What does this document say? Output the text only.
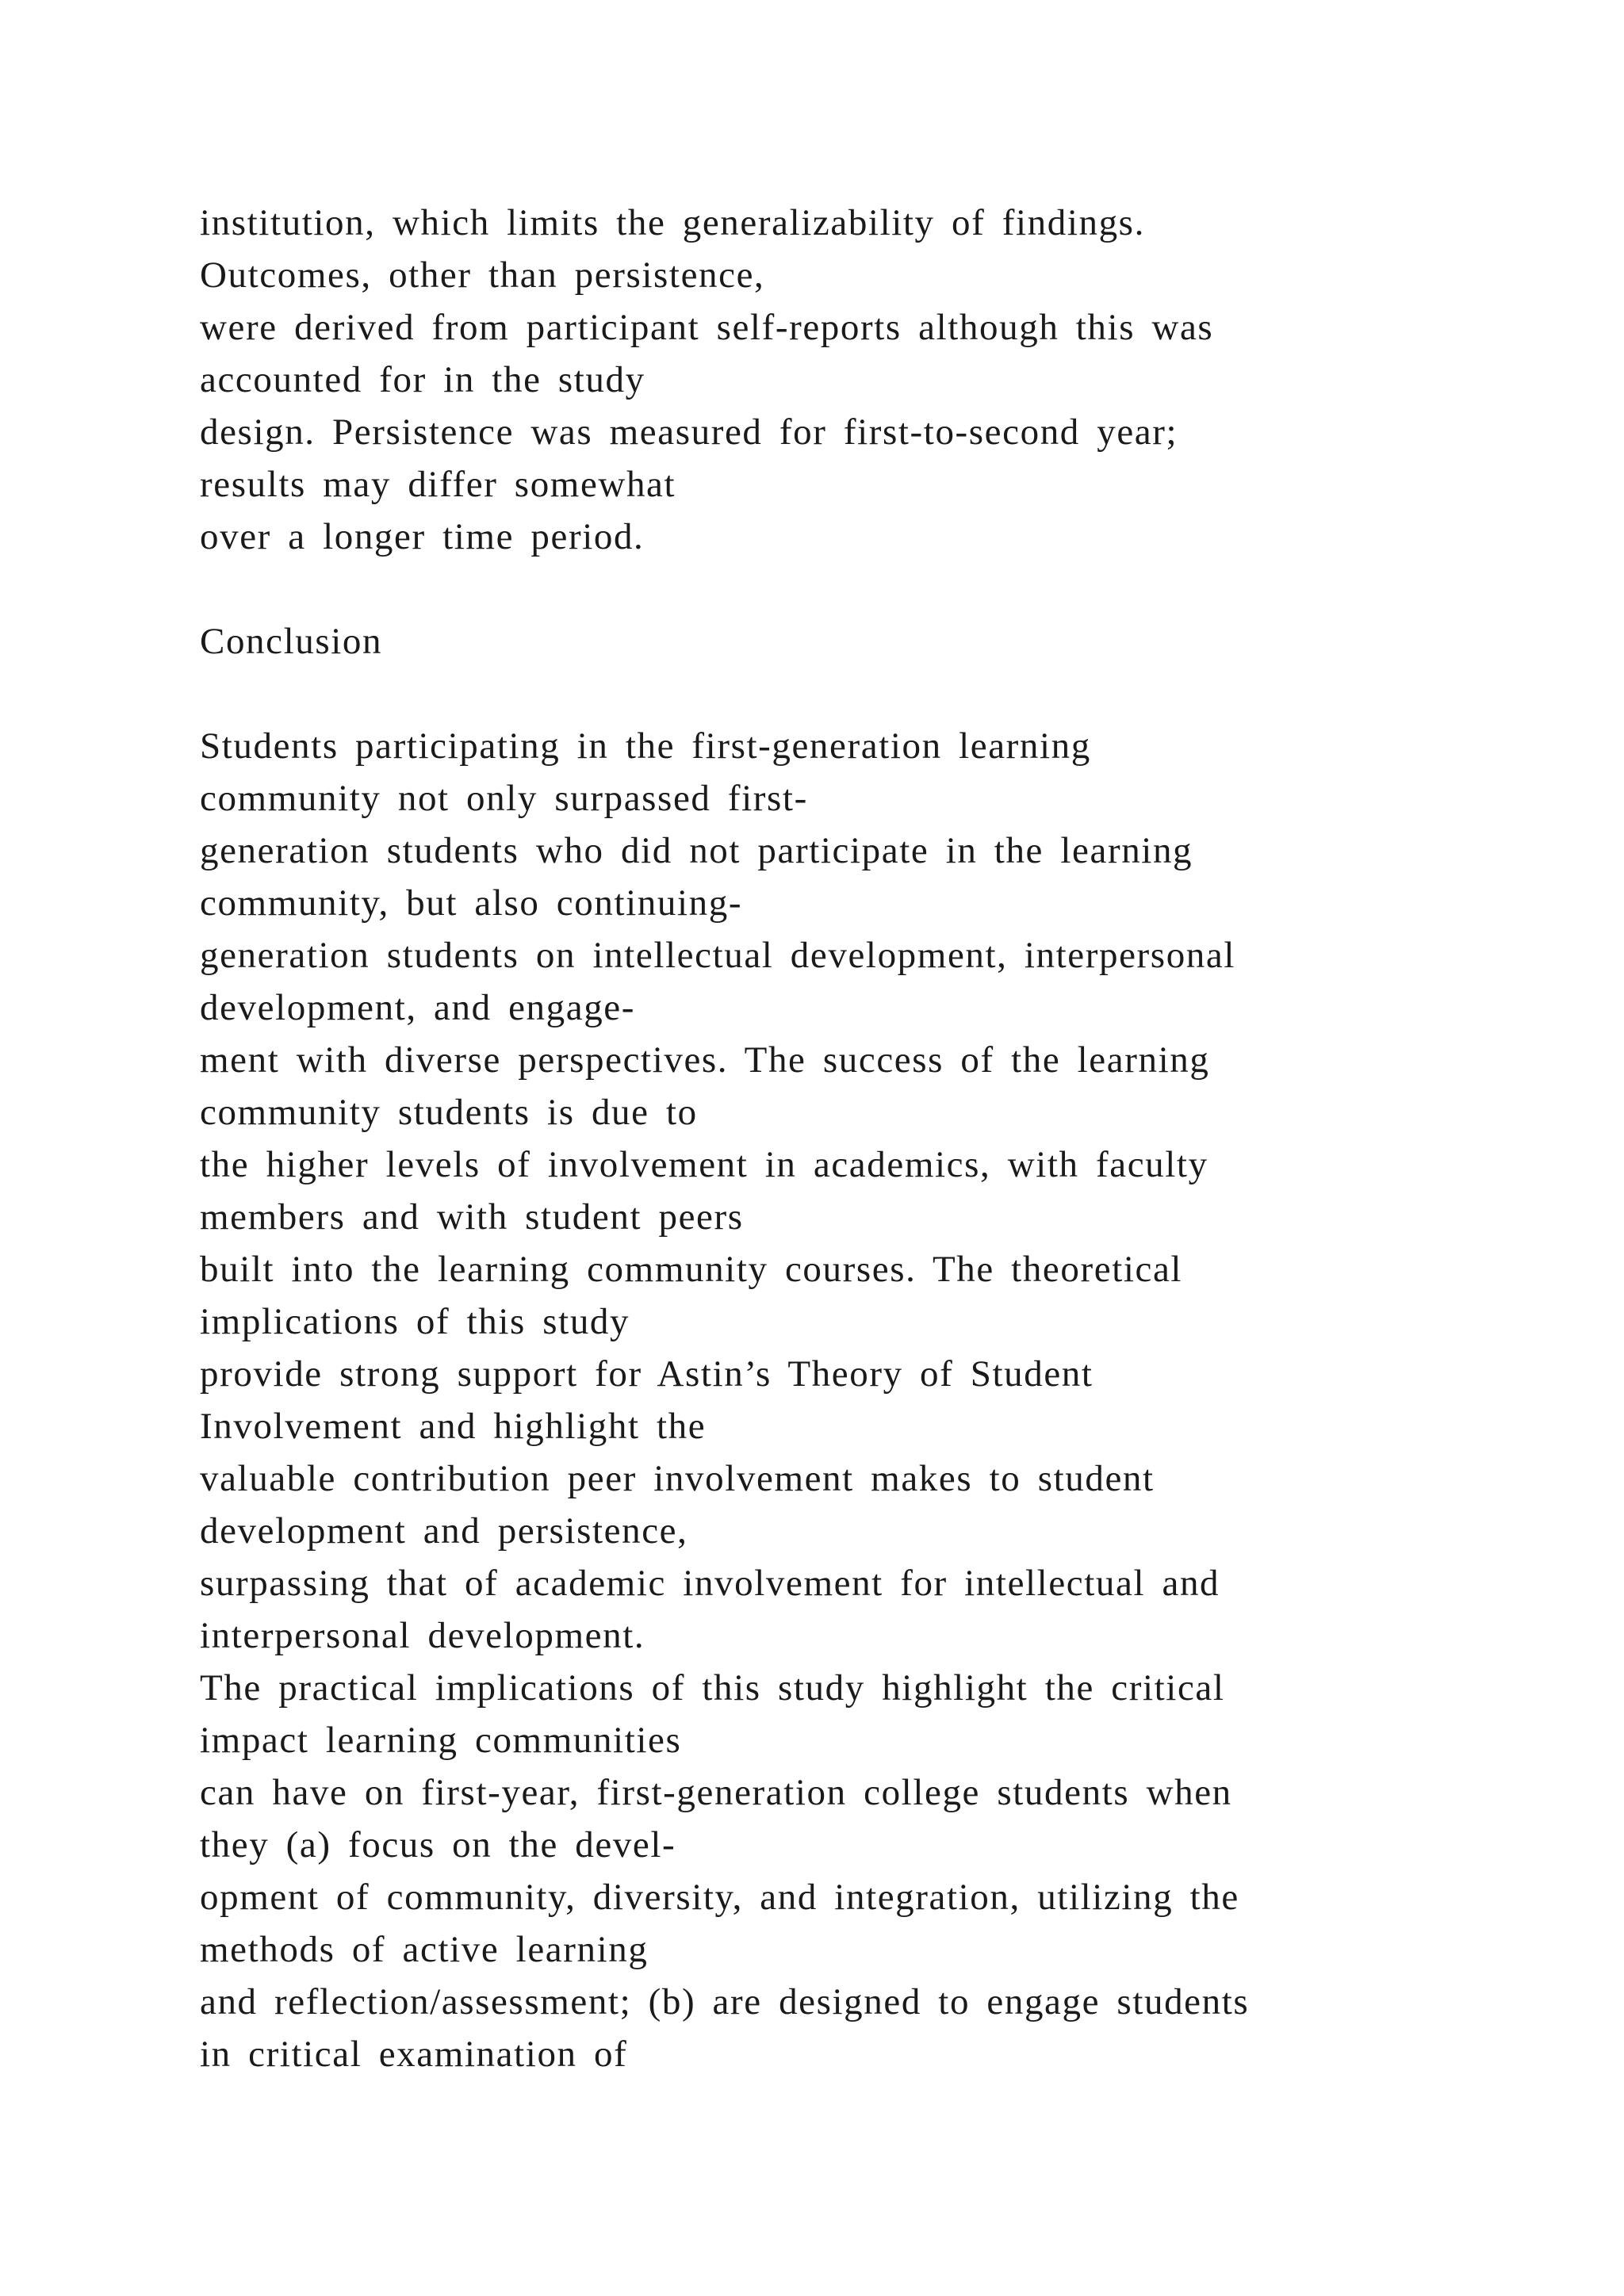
institution, which limits the generalizability of findings.
Outcomes, other than persistence,
were derived from participant self-reports although this was
accounted for in the study
design. Persistence was measured for first-to-second year;
results may differ somewhat
over a longer time period.
Conclusion
Students participating in the first-generation learning
community not only surpassed first-
generation students who did not participate in the learning
community, but also continuing-
generation students on intellectual development, interpersonal
development, and engage-
ment with diverse perspectives. The success of the learning
community students is due to
the higher levels of involvement in academics, with faculty
members and with student peers
built into the learning community courses. The theoretical
implications of this study
provide strong support for Astin’s Theory of Student
Involvement and highlight the
valuable contribution peer involvement makes to student
development and persistence,
surpassing that of academic involvement for intellectual and
interpersonal development.
The practical implications of this study highlight the critical
impact learning communities
can have on first-year, first-generation college students when
they (a) focus on the devel-
opment of community, diversity, and integration, utilizing the
methods of active learning
and reflection/assessment; (b) are designed to engage students
in critical examination of
